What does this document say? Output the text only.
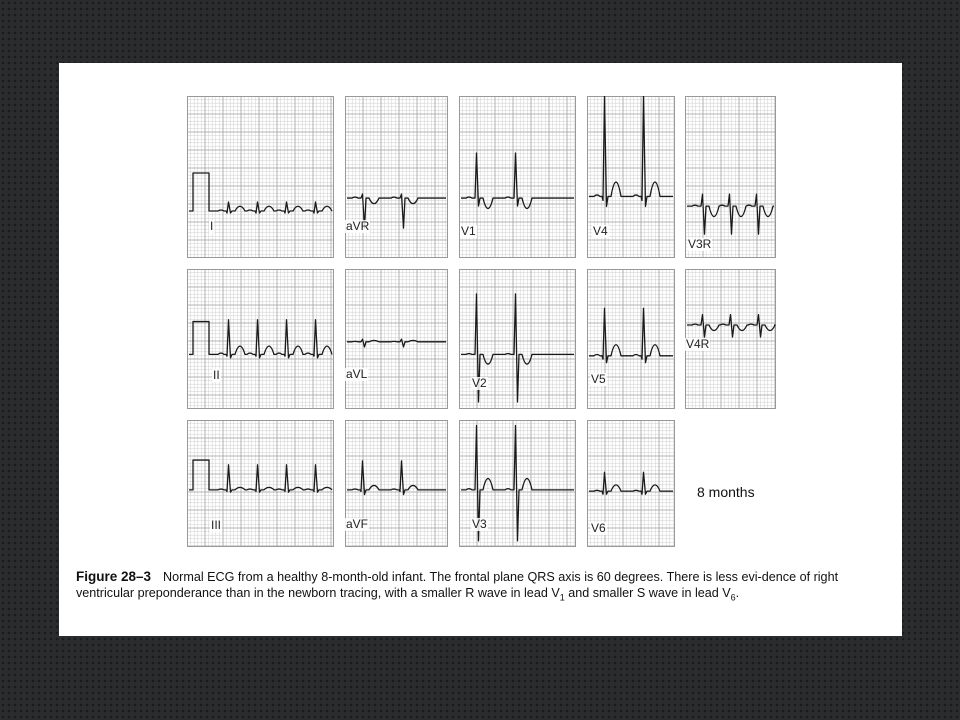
I	aVR	V1	V4
V3R
II	aVL
V2	V5
V4R
III	aVF	V3	V6
8 months
Figure 28–3 Normal ECG from a healthy 8-month-old infant. The frontal plane QRS axis is 60 degrees. There is less evi-dence of right ventricular preponderance than in the newborn tracing, with a smaller R wave in lead $V_1$ and smaller S wave in lead $V_6$.
